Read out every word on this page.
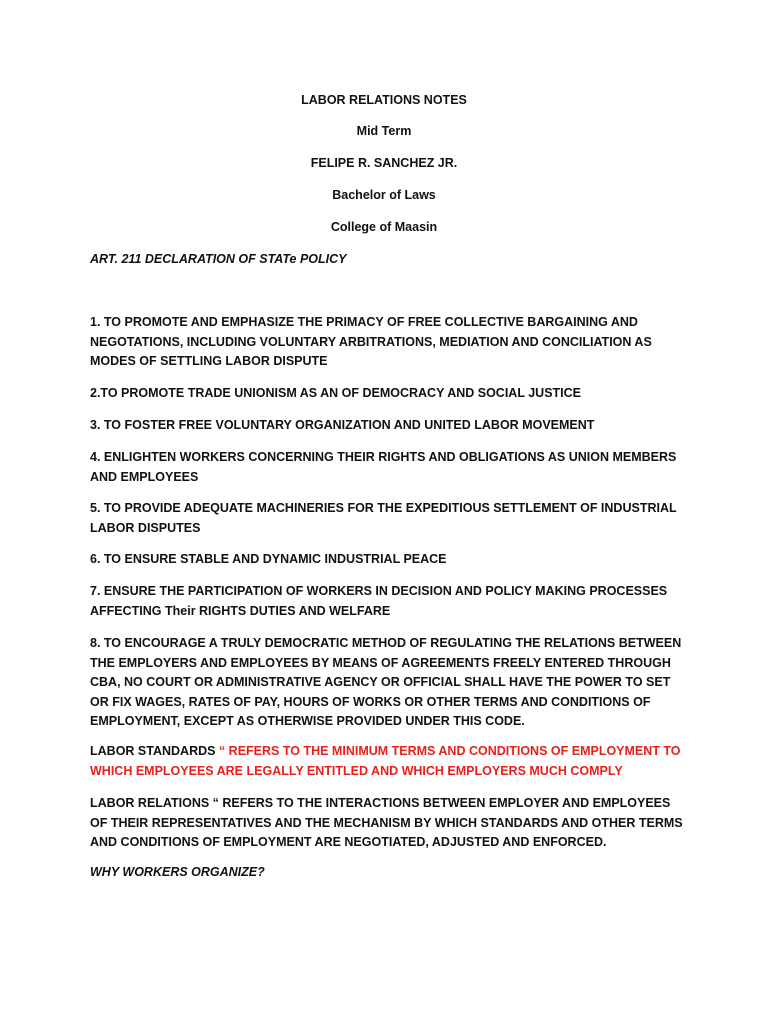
LABOR RELATIONS NOTES
Mid Term
FELIPE R. SANCHEZ JR.
Bachelor of Laws
College of Maasin
ART. 211 DECLARATION OF STATe POLICY
1. TO PROMOTE AND EMPHASIZE THE PRIMACY OF FREE COLLECTIVE BARGAINING AND NEGOTATIONS, INCLUDING VOLUNTARY ARBITRATIONS, MEDIATION AND CONCILIATION AS MODES OF SETTLING LABOR DISPUTE
2.TO PROMOTE TRADE UNIONISM AS AN OF DEMOCRACY AND SOCIAL JUSTICE
3. TO FOSTER FREE VOLUNTARY ORGANIZATION AND UNITED LABOR MOVEMENT
4. ENLIGHTEN WORKERS CONCERNING THEIR RIGHTS AND OBLIGATIONS AS UNION MEMBERS AND EMPLOYEES
5. TO PROVIDE ADEQUATE MACHINERIES FOR THE EXPEDITIOUS SETTLEMENT OF INDUSTRIAL LABOR DISPUTES
6. TO ENSURE STABLE AND DYNAMIC INDUSTRIAL PEACE
7. ENSURE THE PARTICIPATION OF WORKERS IN DECISION AND POLICY MAKING PROCESSES AFFECTING Their RIGHTS DUTIES AND WELFARE
8. TO ENCOURAGE A TRULY DEMOCRATIC METHOD OF REGULATING THE RELATIONS BETWEEN THE EMPLOYERS AND EMPLOYEES BY MEANS OF AGREEMENTS FREELY ENTERED THROUGH CBA, NO COURT OR ADMINISTRATIVE AGENCY OR OFFICIAL SHALL HAVE THE POWER TO SET OR FIX WAGES, RATES OF PAY, HOURS OF WORKS OR OTHER TERMS AND CONDITIONS OF EMPLOYMENT, EXCEPT AS OTHERWISE PROVIDED UNDER THIS CODE.
LABOR STANDARDS “ REFERS TO THE MINIMUM TERMS AND CONDITIONS OF EMPLOYMENT TO WHICH EMPLOYEES ARE LEGALLY ENTITLED AND WHICH EMPLOYERS MUCH COMPLY
LABOR RELATIONS “ REFERS TO THE INTERACTIONS BETWEEN EMPLOYER AND EMPLOYEES OF THEIR REPRESENTATIVES AND THE MECHANISM BY WHICH STANDARDS AND OTHER TERMS AND CONDITIONS OF EMPLOYMENT ARE NEGOTIATED, ADJUSTED AND ENFORCED.
WHY WORKERS ORGANIZE?
